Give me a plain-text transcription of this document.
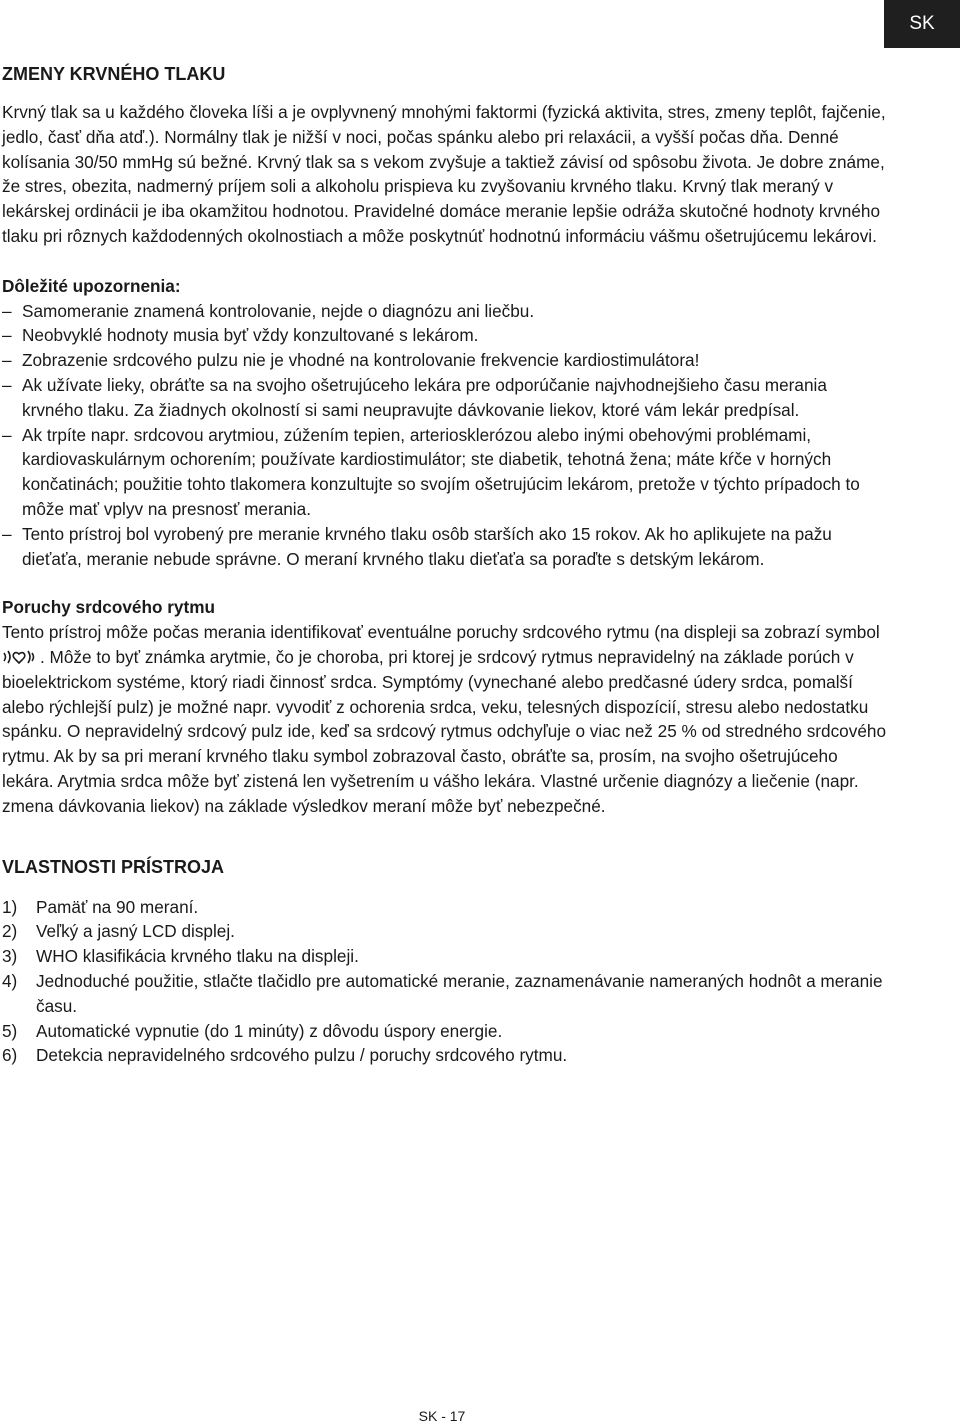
SK
ZMENY KRVNÉHO TLAKU

Krvný tlak sa u každého človeka líši a je ovplyvnený mnohými faktormi (fyzická aktivita, stres, zmeny teplôt, fajčenie, jedlo, časť dňa atď.). Normálny tlak je nižší v noci, počas spánku alebo pri relaxácii, a vyšší počas dňa. Denné kolísania 30/50 mmHg sú bežné. Krvný tlak sa s vekom zvyšuje a taktiež závisí od spôsobu života. Je dobre známe, že stres, obezita, nadmerný príjem soli a alkoholu prispieva ku zvyšovaniu krvného tlaku. Krvný tlak meraný v lekárskej ordinácii je iba okamžitou hodnotou. Pravidelné domáce meranie lepšie odráža skutočné hodnoty krvného tlaku pri rôznych každodenných okolnostiach a môže poskytnúť hodnotnú informáciu vášmu ošetrujúcemu lekárovi.

Dôležité upozornenia:
– Samomeranie znamená kontrolovanie, nejde o diagnózu ani liečbu.
– Neobvyklé hodnoty musia byť vždy konzultované s lekárom.
– Zobrazenie srdcového pulzu nie je vhodné na kontrolovanie frekvencie kardiostimulátora!
– Ak užívate lieky, obráťte sa na svojho ošetrujúceho lekára pre odporúčanie najvhodnejšieho času merania krvného tlaku. Za žiadnych okolností si sami neupravujte dávkovanie liekov, ktoré vám lekár predpísal.
– Ak trpíte napr. srdcovou arytmiou, zúžením tepien, arteriosklerózou alebo inými obehovými problémami, kardiovaskulárnym ochorením; používate kardiostimulátor; ste diabetik, tehotná žena; máte kŕče v horných končatinách; použitie tohto tlakomera konzultujte so svojím ošetrujúcim lekárom, pretože v týchto prípadoch to môže mať vplyv na presnosť merania.
– Tento prístroj bol vyrobený pre meranie krvného tlaku osôb starších ako 15 rokov. Ak ho aplikujete na pažu dieťaťa, meranie nebude správne. O meraní krvného tlaku dieťaťa sa poraďte s detským lekárom.
Poruchy srdcového rytmu

Tento prístroj môže počas merania identifikovať eventuálne poruchy srdcového rytmu (na displeji sa zobrazí symbol . Môže to byť známka arytmie, čo je choroba, pri ktorej je srdcový rytmus nepravidelný na základe porúch v bioelektrickom systéme, ktorý riadi činnosť srdca. Symptómy (vynechané alebo predčasné údery srdca, pomalší alebo rýchlejší pulz) je možné napr. vyvodiť z ochorenia srdca, veku, telesných dispozícií, stresu alebo nedostatku spánku. O nepravidelný srdcový pulz ide, keď sa srdcový rytmus odchyľuje o viac než 25 % od stredného srdcového rytmu. Ak by sa pri meraní krvného tlaku symbol zobrazoval často, obráťte sa, prosím, na svojho ošetrujúceho lekára. Arytmia srdca môže byť zistená len vyšetrením u vášho lekára. Vlastné určenie diagnózy a liečenie (napr. zmena dávkovania liekov) na základe výsledkov meraní môže byť nebezpečné.

VLASTNOSTI PRÍSTROJA
1) Pamäť na 90 meraní.
2) Veľký a jasný LCD displej.
3) WHO klasifikácia krvného tlaku na displeji.
4) Jednoduché použitie, stlačte tlačidlo pre automatické meranie, zaznamenávanie nameraných hodnôt a meranie času.
5) Automatické vypnutie (do 1 minúty) z dôvodu úspory energie.
6) Detekcia nepravidelného srdcového pulzu / poruchy srdcového rytmu.
SK - 17
